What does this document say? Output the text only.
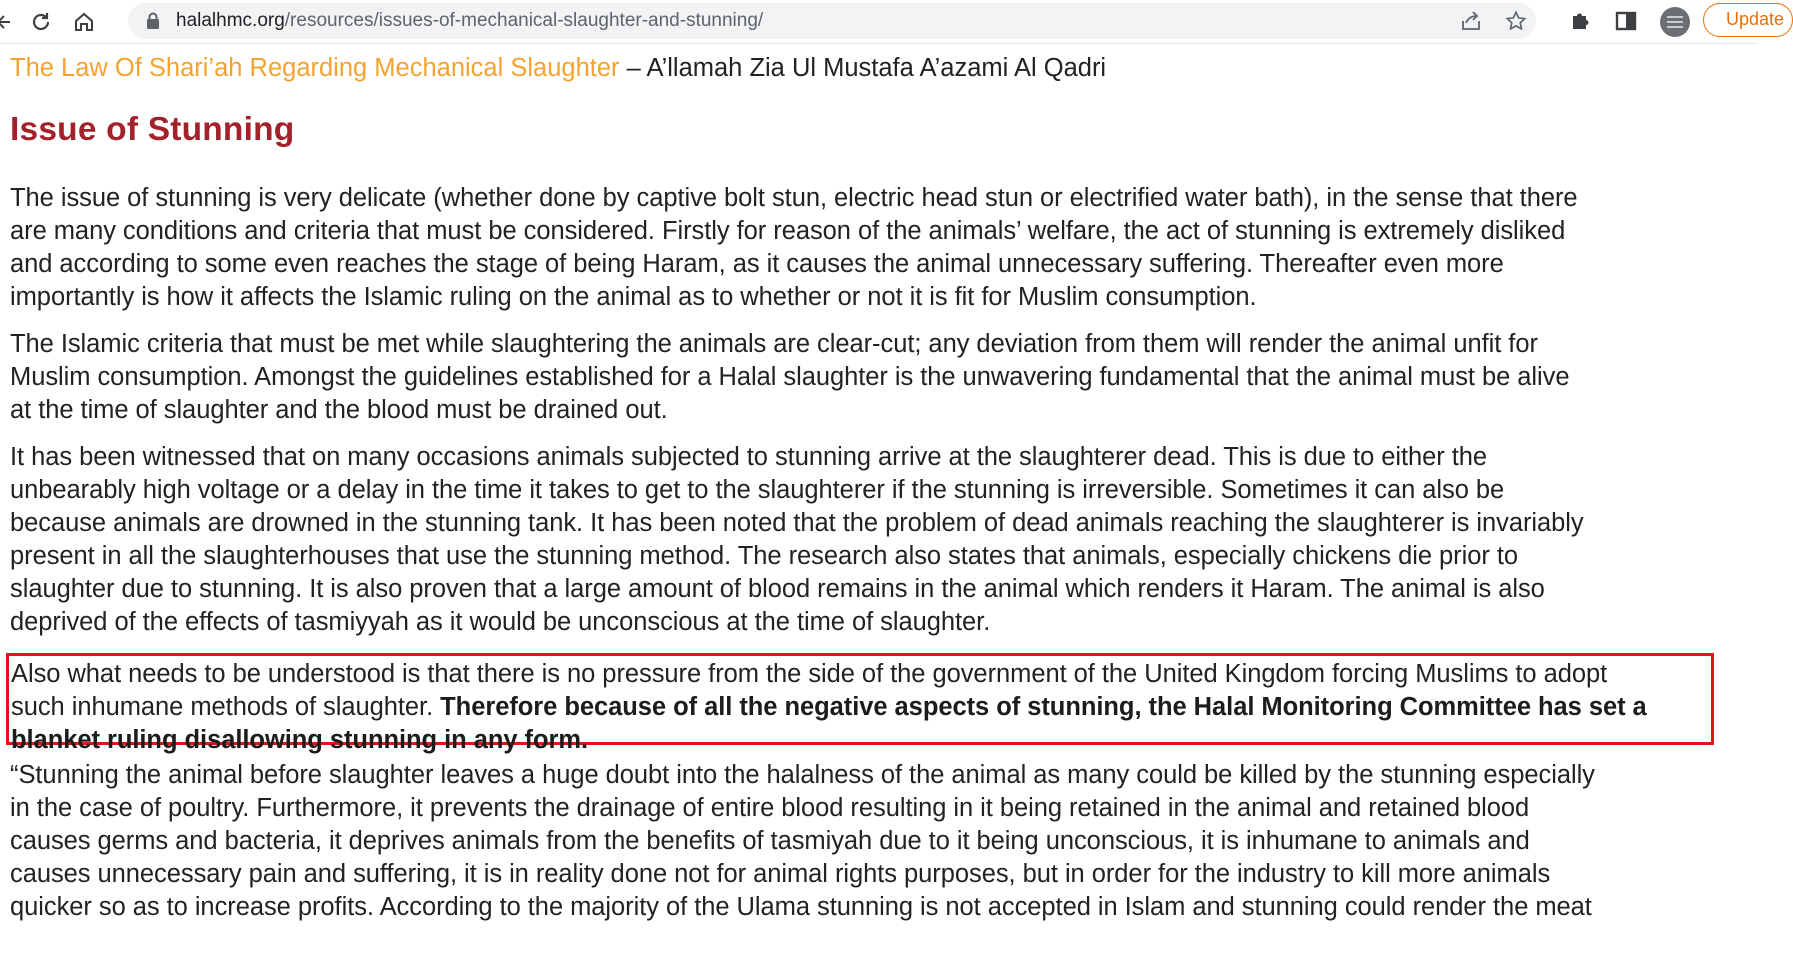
halalhmc.org/resources/issues-of-mechanical-slaughter-and-stunning/	Update

The Law Of Shari’ah Regarding Mechanical Slaughter – A’llamah Zia Ul Mustafa A’azami Al Qadri

Issue of Stunning

The issue of stunning is very delicate (whether done by captive bolt stun, electric head stun or electrified water bath), in the sense that there

are many conditions and criteria that must be considered. Firstly for reason of the animals’ welfare, the act of stunning is extremely disliked

and according to some even reaches the stage of being Haram, as it causes the animal unnecessary suffering. Thereafter even more

importantly is how it affects the Islamic ruling on the animal as to whether or not it is fit for Muslim consumption.

The Islamic criteria that must be met while slaughtering the animals are clear-cut; any deviation from them will render the animal unfit for

Muslim consumption. Amongst the guidelines established for a Halal slaughter is the unwavering fundamental that the animal must be alive

at the time of slaughter and the blood must be drained out.

It has been witnessed that on many occasions animals subjected to stunning arrive at the slaughterer dead. This is due to either the

unbearably high voltage or a delay in the time it takes to get to the slaughterer if the stunning is irreversible. Sometimes it can also be

because animals are drowned in the stunning tank. It has been noted that the problem of dead animals reaching the slaughterer is invariably

present in all the slaughterhouses that use the stunning method. The research also states that animals, especially chickens die prior to

slaughter due to stunning. It is also proven that a large amount of blood remains in the animal which renders it Haram. The animal is also

deprived of the effects of tasmiyyah as it would be unconscious at the time of slaughter.

Also what needs to be understood is that there is no pressure from the side of the government of the United Kingdom forcing Muslims to adopt

such inhumane methods of slaughter. Therefore because of all the negative aspects of stunning, the Halal Monitoring Committee has set a

blanket ruling disallowing stunning in any form.

“Stunning the animal before slaughter leaves a huge doubt into the halalness of the animal as many could be killed by the stunning especially

in the case of poultry. Furthermore, it prevents the drainage of entire blood resulting in it being retained in the animal and retained blood

causes germs and bacteria, it deprives animals from the benefits of tasmiyah due to it being unconscious, it is inhumane to animals and

causes unnecessary pain and suffering, it is in reality done not for animal rights purposes, but in order for the industry to kill more animals

quicker so as to increase profits. According to the majority of the Ulama stunning is not accepted in Islam and stunning could render the meat
